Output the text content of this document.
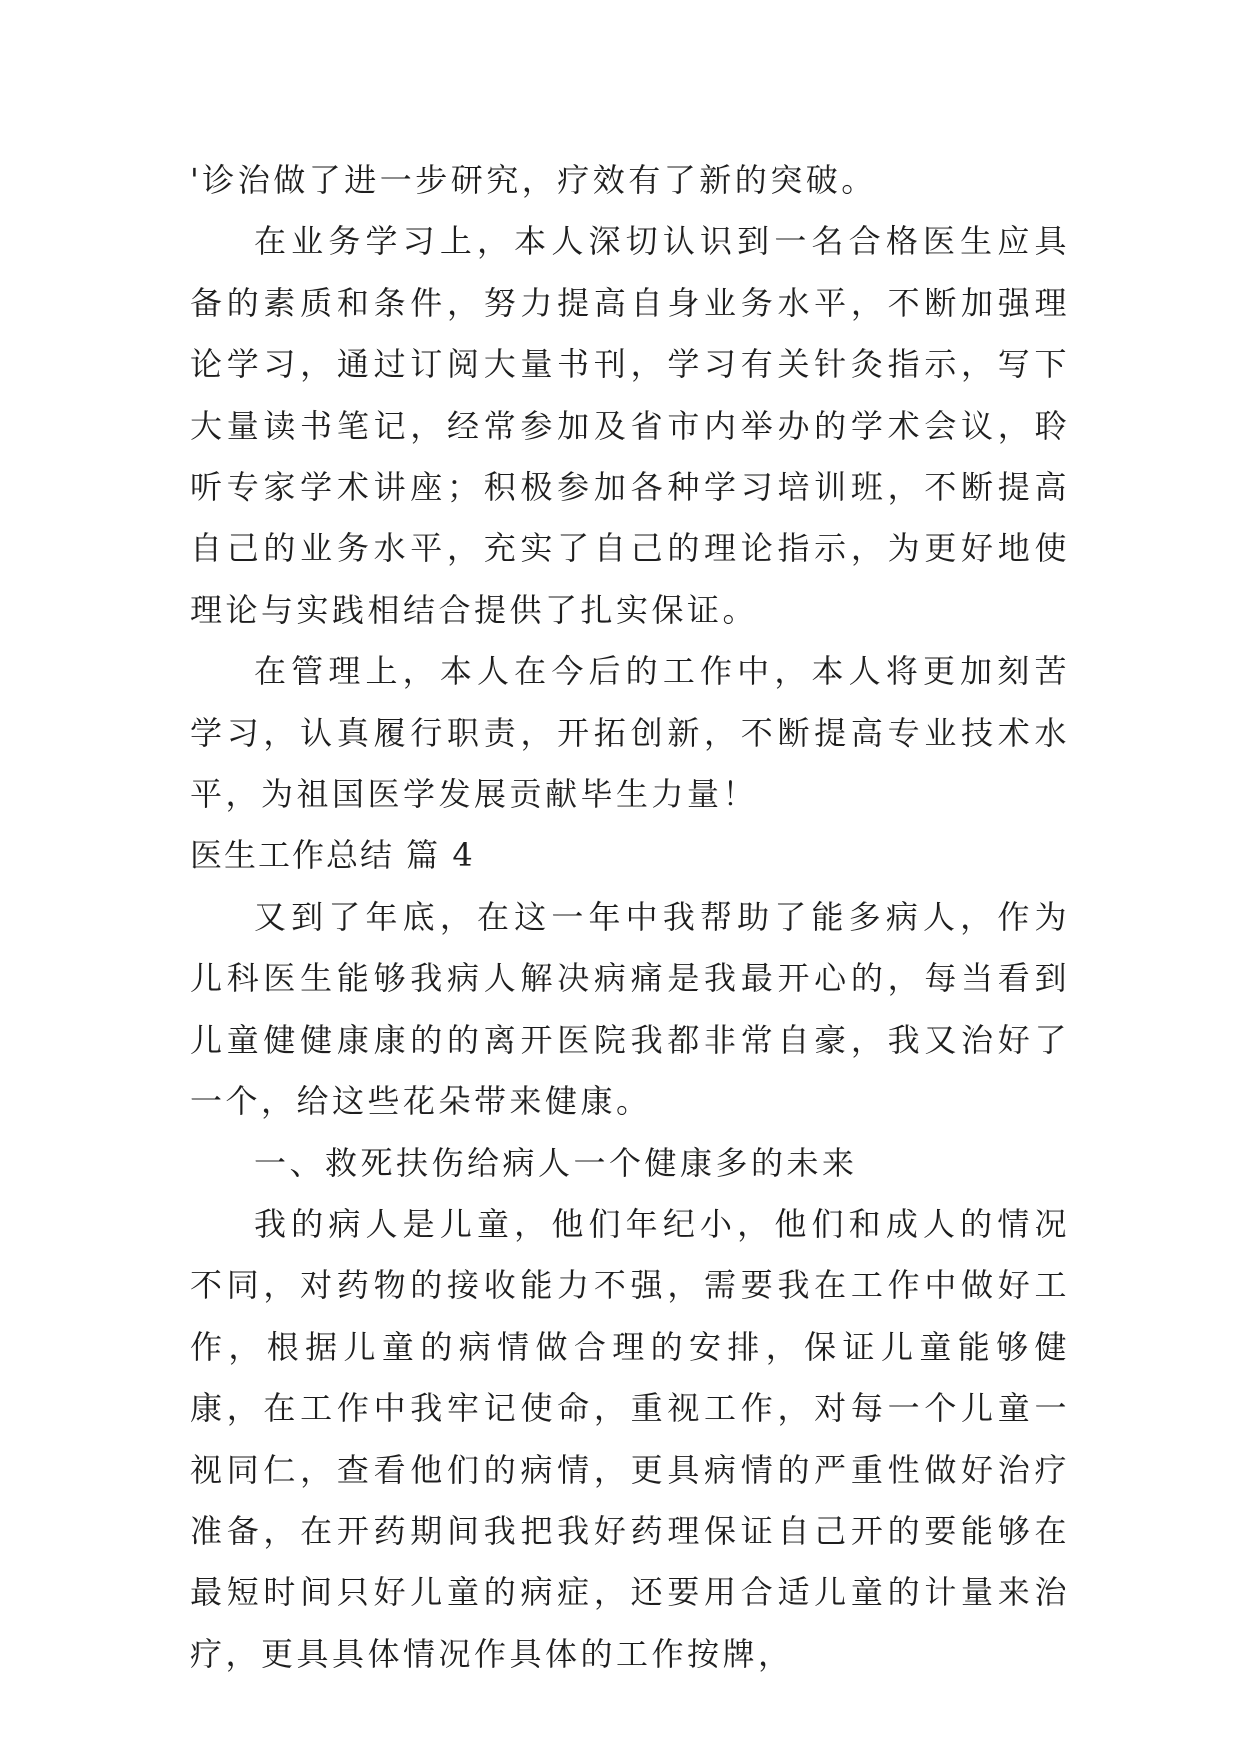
'诊治做了进一步研究，疗效有了新的突破。

在业务学习上，本人深切认识到一名合格医生应具备的素质和条件，努力提高自身业务水平，不断加强理论学习，通过订阅大量书刊，学习有关针灸指示，写下大量读书笔记，经常参加及省市内举办的学术会议，聆听专家学术讲座；积极参加各种学习培训班，不断提高自己的业务水平，充实了自己的理论指示，为更好地使理论与实践相结合提供了扎实保证。

在管理上，本人在今后的工作中，本人将更加刻苦学习，认真履行职责，开拓创新，不断提高专业技术水平，为祖国医学发展贡献毕生力量！

医生工作总结 篇 4

又到了年底，在这一年中我帮助了能多病人，作为儿科医生能够我病人解决病痛是我最开心的，每当看到儿童健健康康的的离开医院我都非常自豪，我又治好了一个，给这些花朵带来健康。

一、救死扶伤给病人一个健康多的未来

我的病人是儿童，他们年纪小，他们和成人的情况不同，对药物的接收能力不强，需要我在工作中做好工作，根据儿童的病情做合理的安排，保证儿童能够健康，在工作中我牢记使命，重视工作，对每一个儿童一视同仁，查看他们的病情，更具病情的严重性做好治疗准备，在开药期间我把我好药理保证自己开的要能够在最短时间只好儿童的病症，还要用合适儿童的计量来治疗，更具具体情况作具体的工作按牌，
